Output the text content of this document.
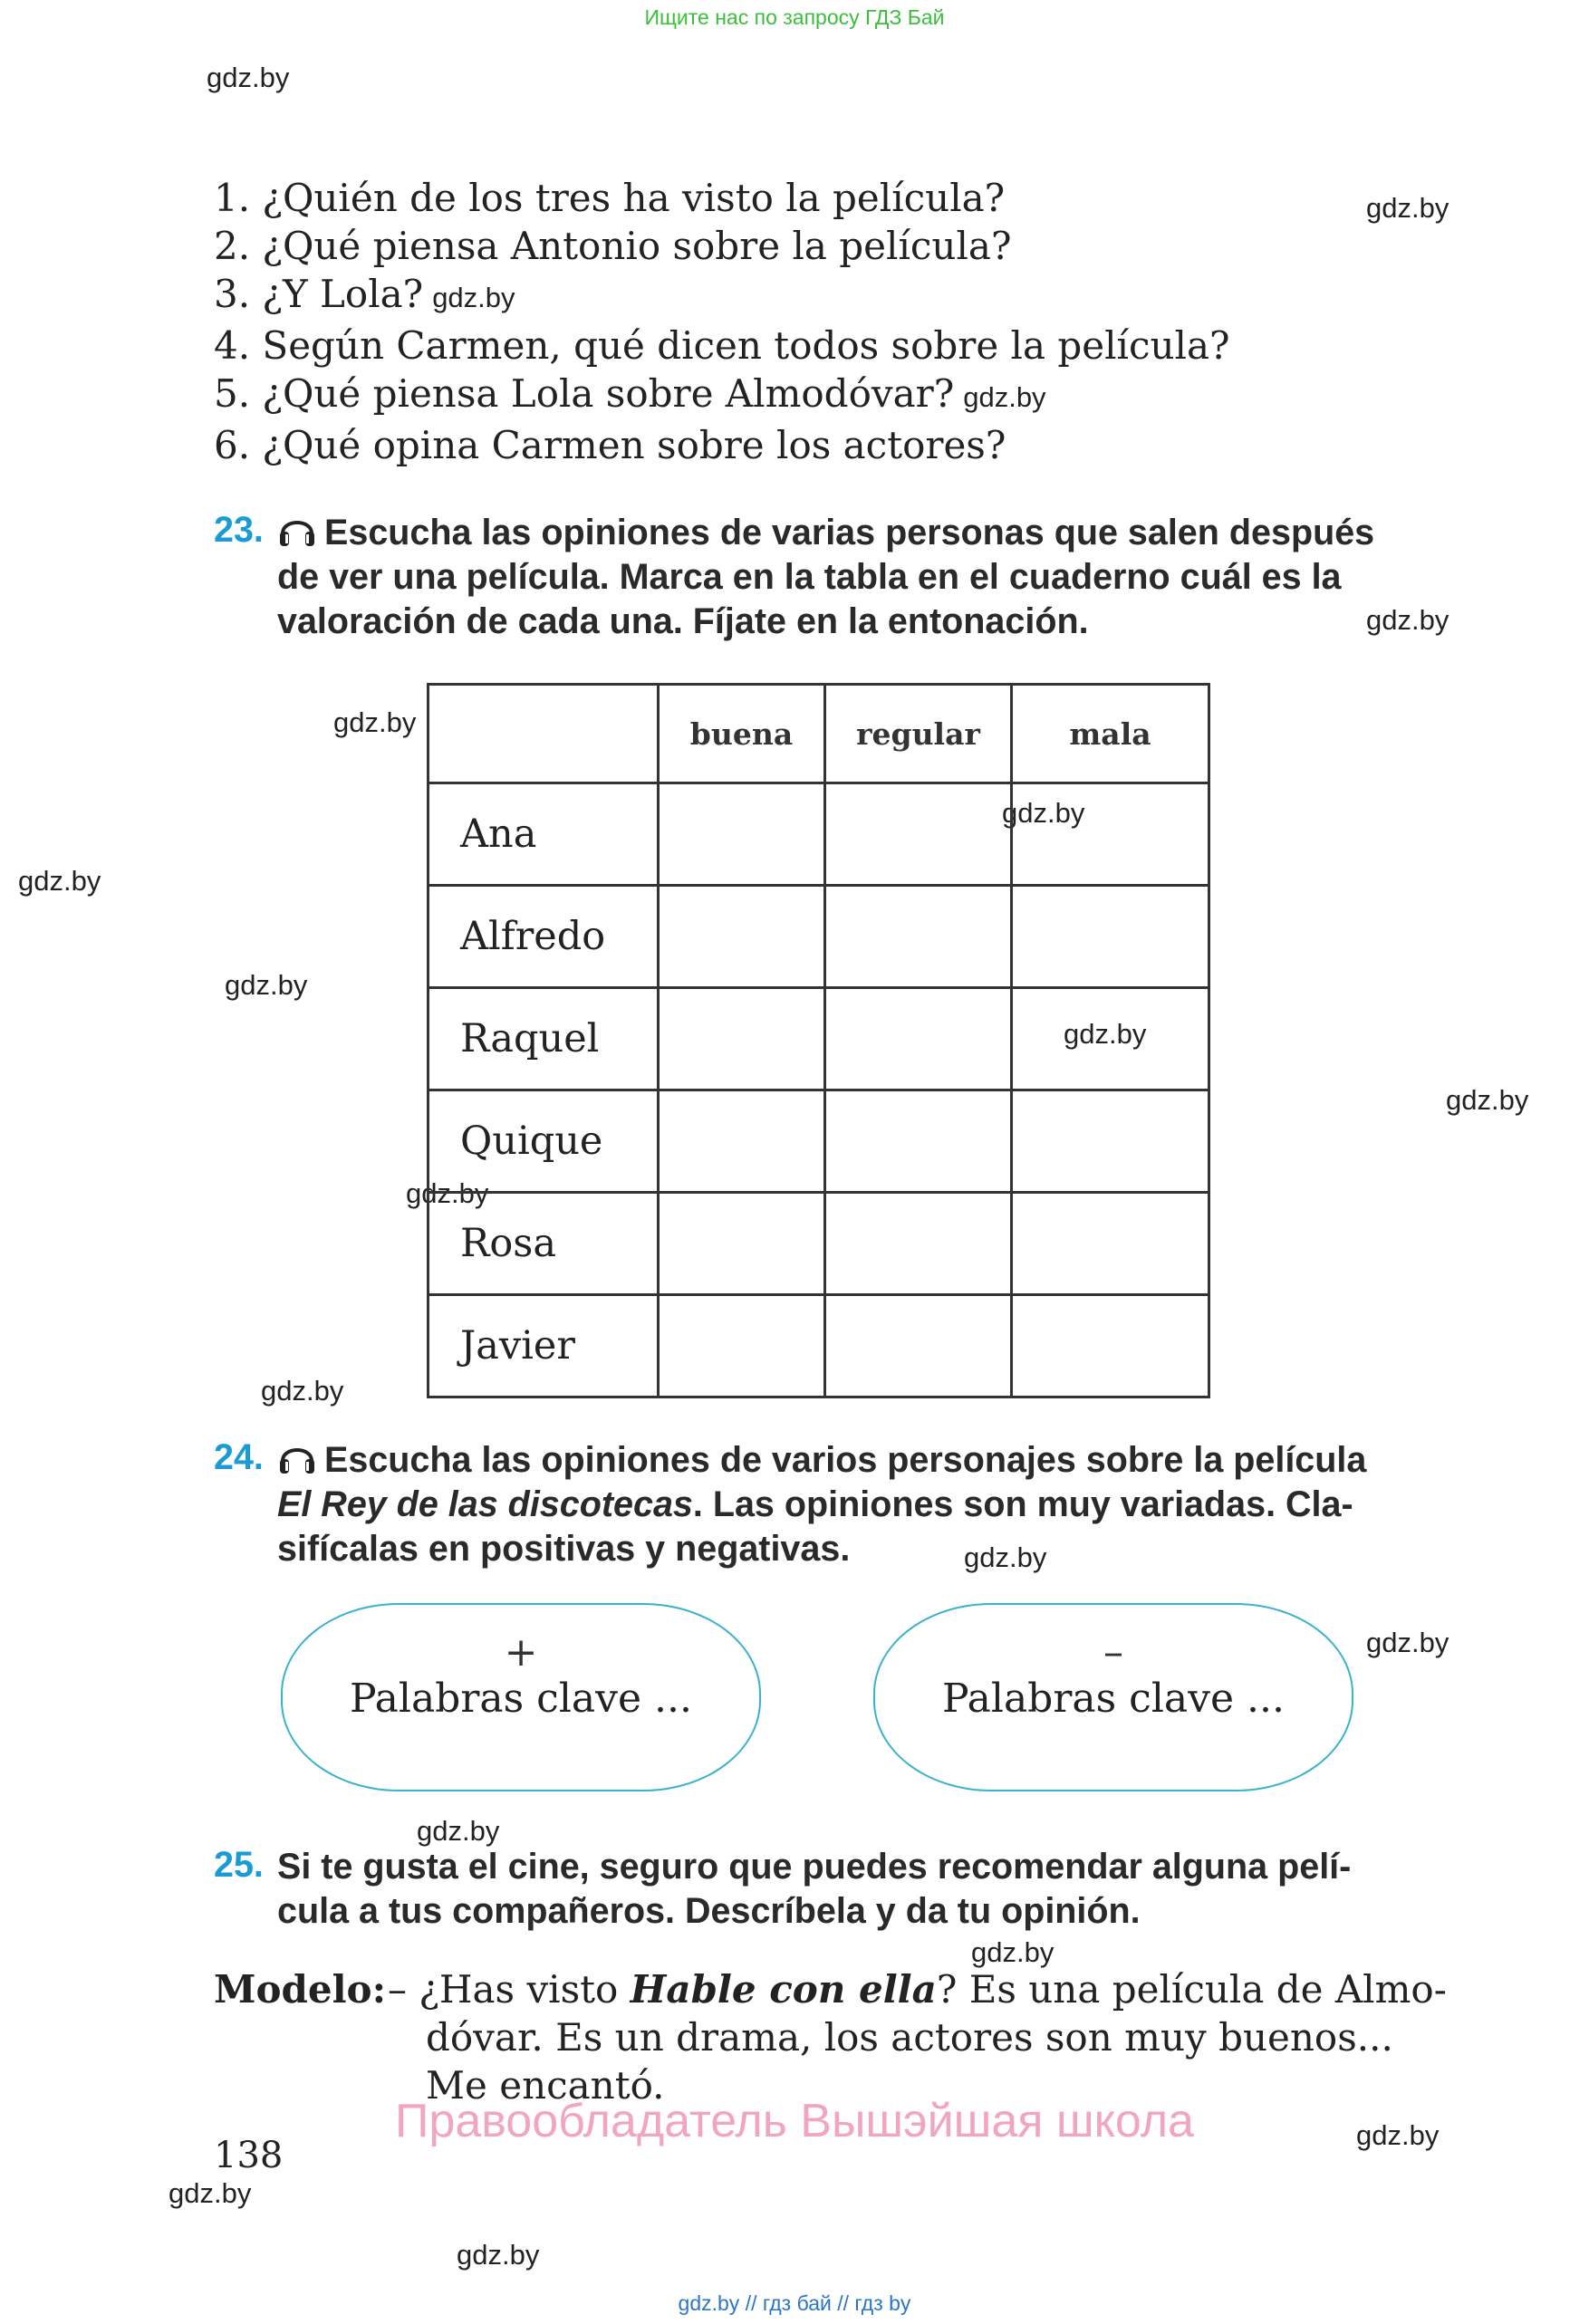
Ищите нас по запросу ГДЗ Бай
gdz.by
gdz.by
gdz.by
gdz.by
gdz.by
gdz.by
gdz.by
gdz.by
gdz.by
gdz.by
gdz.by
gdz.by
gdz.by
gdz.by
gdz.by
gdz.by
gdz.by
gdz.by
1. ¿Quién de los tres ha visto la película?
2. ¿Qué piensa Antonio sobre la película?
3. ¿Y Lola? gdz.by
4. Según Carmen, qué dicen todos sobre la película?
5. ¿Qué piensa Lola sobre Almodóvar? gdz.by
6. ¿Qué opina Carmen sobre los actores?
23.	Escucha las opiniones de varias personas que salen después
de ver una película. Marca en la tabla en el cuaderno cuál es la
valoración de cada una. Fíjate en la entonación.
	buena	regular	mala
Ana			
Alfredo			
Raquel			
Quique			
Rosa			
Javier			
24.	Escucha las opiniones de varios personajes sobre la película
El Rey de las discotecas. Las opiniones son muy variadas. Cla-
sifícalas en positivas y negativas.
+
Palabras clave ...
–
Palabras clave ...
25. Si te gusta el cine, seguro que puedes recomendar alguna pelí-
cula a tus compañeros. Descríbela y da tu opinión.
Modelo: – ¿Has visto Hable con ella? Es una película de Almo-
dóvar. Es un drama, los actores son muy buenos...
Me encantó.
Правообладатель Вышэйшая школа
138
gdz.by // гдз бай // гдз by
